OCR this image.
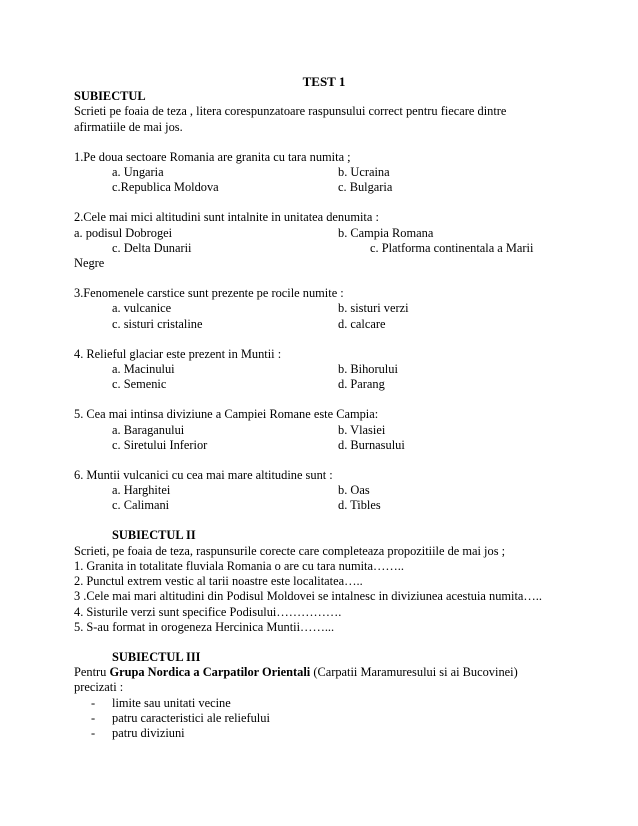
TEST 1

SUBIECTUL

Scrieti pe foaia de teza , litera corespunzatoare raspunsului correct pentru fiecare dintre

afirmatiile de mai jos.

1.Pe doua sectoare Romania are granita cu tara numita ;

a. Ungaria	b. Ucraina
c.Republica Moldova	c. Bulgaria

2.Cele mai mici altitudini sunt intalnite in unitatea denumita :

a. podisul Dobrogei	b. Campia Romana
c. Delta Dunarii	c. Platforma continentala a Marii

Negre

3.Fenomenele carstice sunt prezente pe rocile numite :

a. vulcanice	b. sisturi verzi
c. sisturi cristaline	d. calcare

4. Relieful glaciar este prezent in Muntii :

a. Macinului	b. Bihorului
c. Semenic	d. Parang

5. Cea mai intinsa diviziune a Campiei Romane este Campia:

a. Baraganului	b. Vlasiei
c. Siretului Inferior	d. Burnasului

6. Muntii vulcanici cu cea mai mare altitudine sunt :

a. Harghitei	b. Oas
c. Calimani	d. Tibles

SUBIECTUL II

Scrieti, pe foaia de teza, raspunsurile corecte care completeaza propozitiile de mai jos ;

1. Granita in totalitate fluviala Romania o are cu tara numita……..

2. Punctul extrem vestic al tarii noastre este localitatea…..

3 .Cele mai mari altitudini din Podisul Moldovei se intalnesc in diviziunea acestuia numita…..

4. Sisturile verzi sunt specifice Podisului…………….

5. S-au format in orogeneza Hercinica Muntii……...

SUBIECTUL III

Pentru Grupa Nordica a Carpatilor Orientali (Carpatii Maramuresului si ai Bucovinei)

precizati :

- limite sau unitati vecine
- patru caracteristici ale reliefului
- patru diviziuni
